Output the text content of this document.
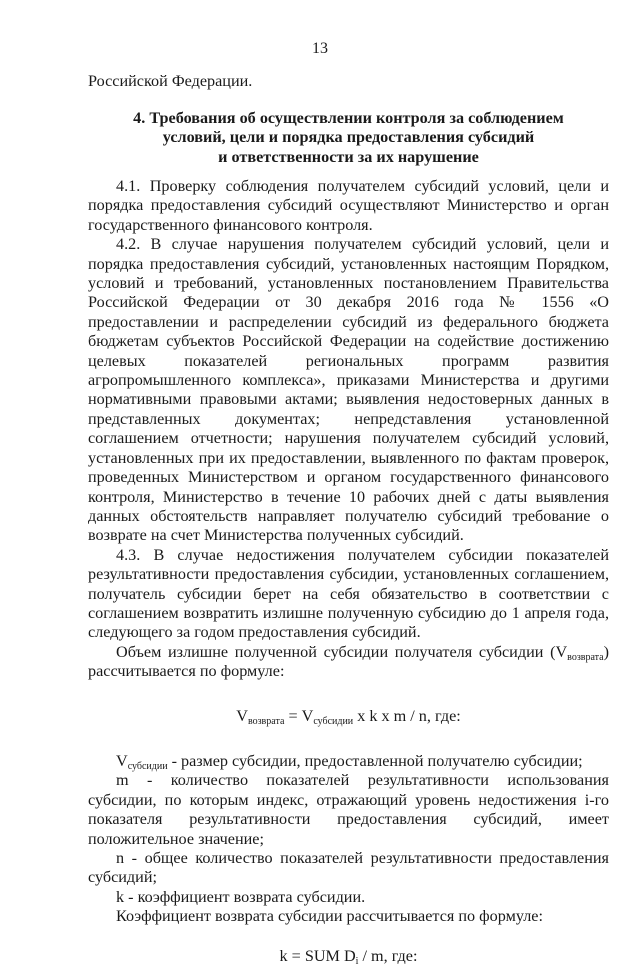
13
Российской Федерации.
4. Требования об осуществлении контроля за соблюдением
условий, цели и порядка предоставления субсидий
и ответственности за их нарушение

4.1. Проверку соблюдения получателем субсидий условий, цели и порядка предоставления субсидий осуществляют Министерство и орган государственного финансового контроля.

4.2. В случае нарушения получателем субсидий условий, цели и порядка предоставления субсидий, установленных настоящим Порядком, условий и требований, установленных постановлением Правительства Российской Федерации от 30 декабря 2016 года № 1556 «О предоставлении и распределении субсидий из федерального бюджета бюджетам субъектов Российской Федерации на содействие достижению целевых показателей региональных программ развития агропромышленного комплекса», приказами Министерства и другими нормативными правовыми актами; выявления недостоверных данных в представленных документах; непредставления установленной соглашением отчетности; нарушения получателем субсидий условий, установленных при их предоставлении, выявленного по фактам проверок, проведенных Министерством и органом государственного финансового контроля, Министерство в течение 10 рабочих дней с даты выявления данных обстоятельств направляет получателю субсидий требование о возврате на счет Министерства полученных субсидий.

4.3. В случае недостижения получателем субсидии показателей результативности предоставления субсидии, установленных соглашением, получатель субсидии берет на себя обязательство в соответствии с соглашением возвратить излишне полученную субсидию до 1 апреля года, следующего за годом предоставления субсидий.

Объем излишне полученной субсидии получателя субсидии $(V_{возврата})$ рассчитывается по формуле:

$V_{возврата} = V_{субсидии}$ x k x m / n, где:

$V_{субсидии}$ - размер субсидии, предоставленной получателю субсидии;

m - количество показателей результативности использования субсидии, по которым индекс, отражающий уровень недостижения i-го показателя результативности предоставления субсидий, имеет положительное значение;

n - общее количество показателей результативности предоставления субсидий;

k - коэффициент возврата субсидии.

Коэффициент возврата субсидии рассчитывается по формуле:

k = SUM $D_i$ / m, где:
